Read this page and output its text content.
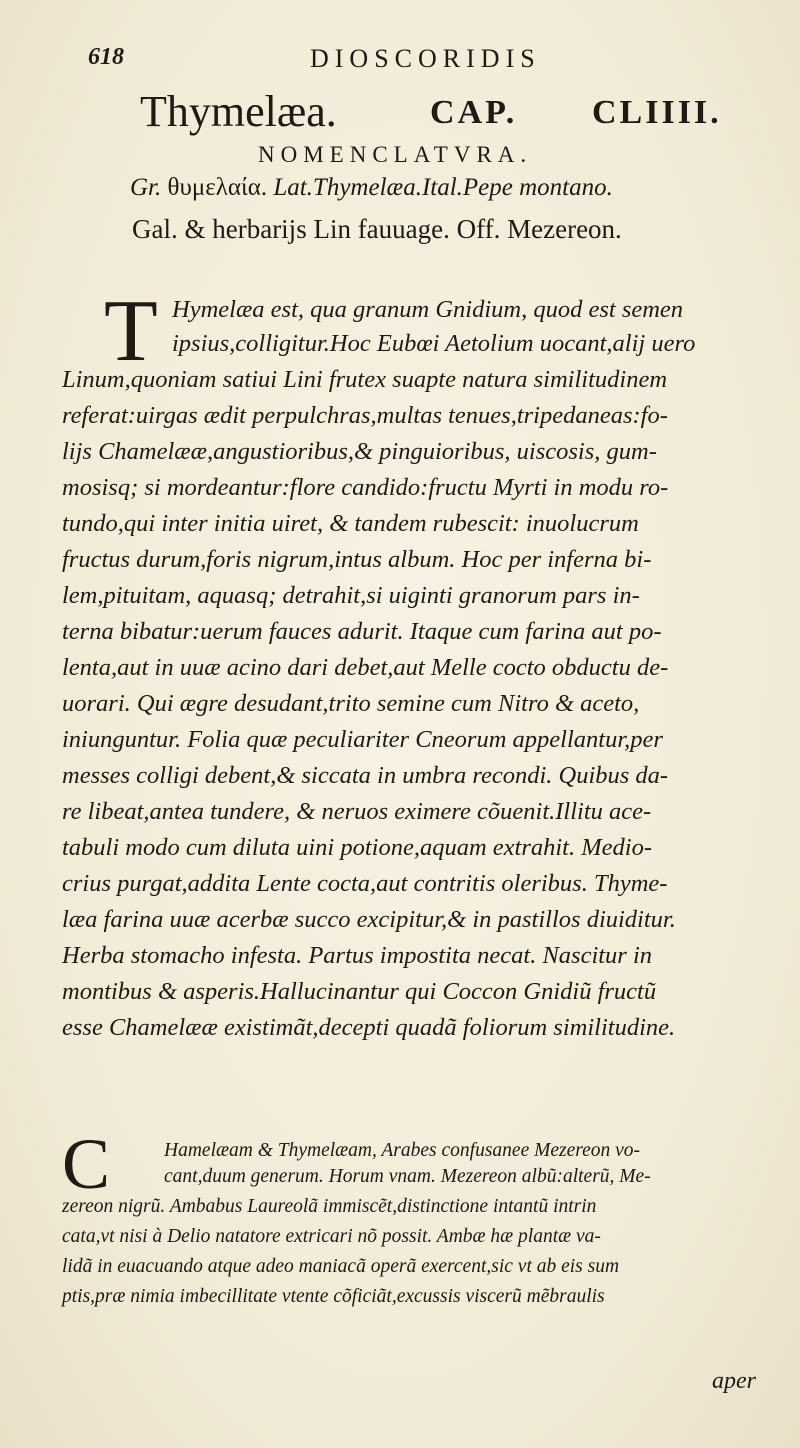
618	DIOSCORIDIS
Thymelæa.	CAP. CLIIII.
NOMENCLATVRA.
Gr. θυμελαία. Lat.Thymelæa.Ital.Pepe montano.
Gal. & herbarijs Lin fauuage. Off. Mezereon.
T Hymelæa est, qua granum Gnidium, quod est semen
ipsius,colligitur.Hoc Eubœi Aetolium uocant,alij uero
Linum,quoniam satiui Lini frutex suapte natura similitudinem
referat:uirgas ædit perpulchras,multas tenues,tripedaneas:fo-
lijs Chamelææ,angustioribus,& pinguioribus, uiscosis, gum-
mosisq; si mordeantur:flore candido:fructu Myrti in modu ro-
tundo,qui inter initia uiret, & tandem rubescit: inuolucrum
fructus durum,foris nigrum,intus album. Hoc per inferna bi-
lem,pituitam, aquasq; detrahit,si uiginti granorum pars in-
terna bibatur:uerum fauces adurit. Itaque cum farina aut po-
lenta,aut in uuæ acino dari debet,aut Melle cocto obductu de-
uorari. Qui ægre desudant,trito semine cum Nitro & aceto,
iniunguntur. Folia quæ peculiariter Cneorum appellantur,per
messes colligi debent,& siccata in umbra recondi. Quibus da-
re libeat,antea tundere, & neruos eximere cõuenit.Illitu ace-
tabuli modo cum diluta uini potione,aquam extrahit. Medio-
crius purgat,addita Lente cocta,aut contritis oleribus. Thyme-
læa farina uuæ acerbæ succo excipitur,& in pastillos diuiditur.
Herba stomacho infesta. Partus impostita necat. Nascitur in
montibus & asperis.Hallucinantur qui Coccon Gnidiũ fructũ
esse Chamelææ existimãt,decepti quadã foliorum similitudine.
C	Hamelæam & Thymelæam, Arabes confusanee Mezereon vo-
cant,duum generum. Horum vnam. Mezereon albũ:alterũ, Me-
zereon nigrũ. Ambabus Laureolã immiscẽt,distinctione intantũ intrin
cata,vt nisi à Delio natatore extricari nõ possit. Ambæ hæ plantæ va-
lidã in euacuando atque adeo maniacã operã exercent,sic vt ab eis sum
ptis,præ nimia imbecillitate vtente cõficiãt,excussis viscerũ mẽbraulis
aper
